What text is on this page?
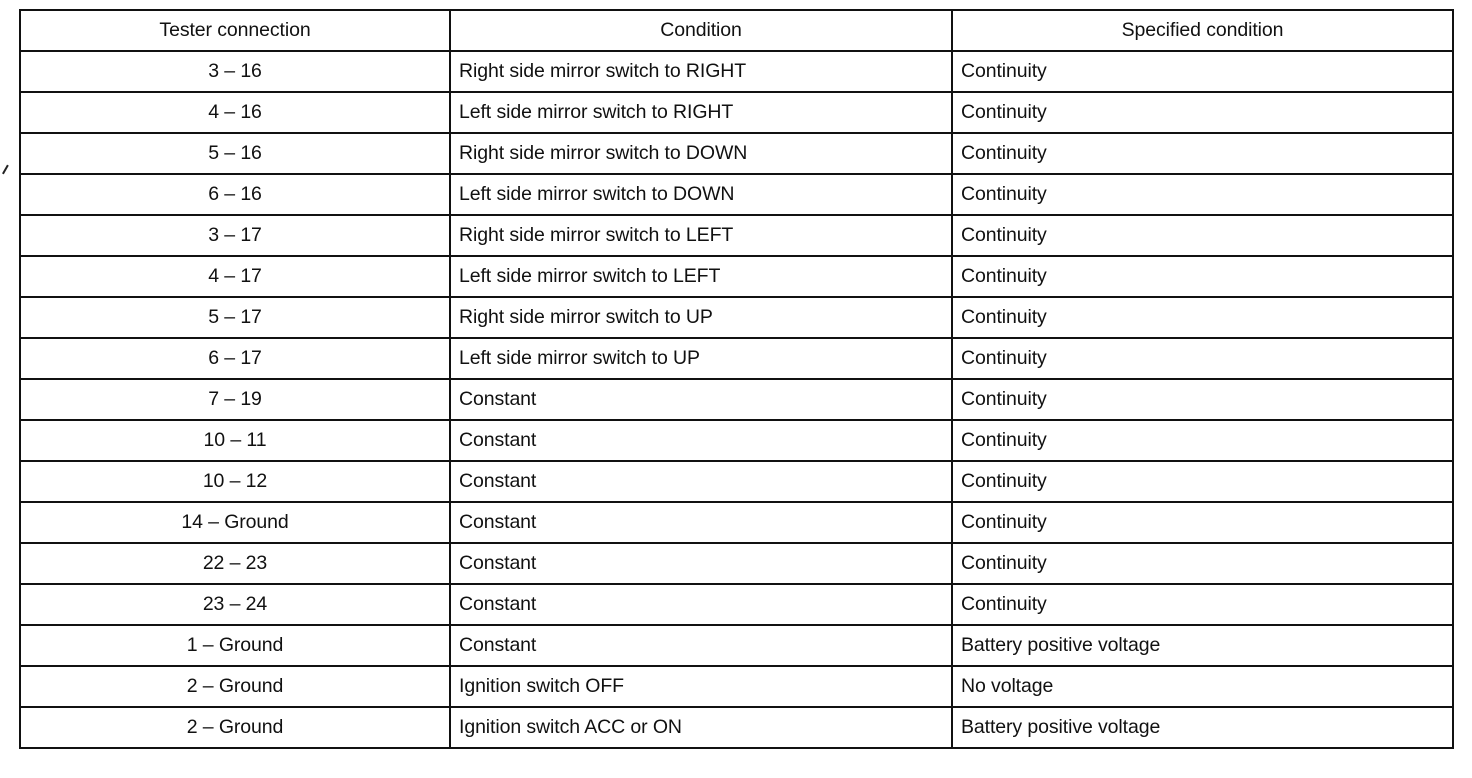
Tester connection	Condition	Specified condition
3 – 16	Right side mirror switch to RIGHT	Continuity
4 – 16	Left side mirror switch to RIGHT	Continuity
5 – 16	Right side mirror switch to DOWN	Continuity
6 – 16	Left side mirror switch to DOWN	Continuity
3 – 17	Right side mirror switch to LEFT	Continuity
4 – 17	Left side mirror switch to LEFT	Continuity
5 – 17	Right side mirror switch to UP	Continuity
6 – 17	Left side mirror switch to UP	Continuity
7 – 19	Constant	Continuity
10 – 11	Constant	Continuity
10 – 12	Constant	Continuity
14 – Ground	Constant	Continuity
22 – 23	Constant	Continuity
23 – 24	Constant	Continuity
1 – Ground	Constant	Battery positive voltage
2 – Ground	Ignition switch OFF	No voltage
2 – Ground	Ignition switch ACC or ON	Battery positive voltage
